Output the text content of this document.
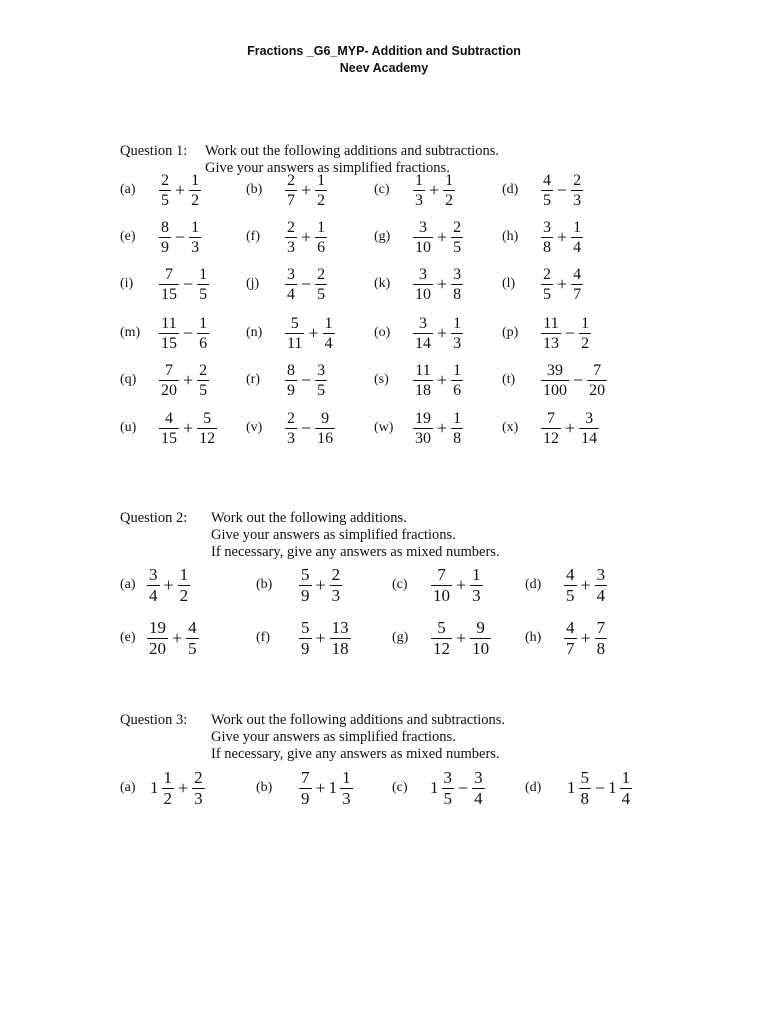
Fractions _G6_MYP- Addition and Subtraction
Neev Academy
Question 1: Work out the following additions and subtractions.
Give your answers as simplified fractions.
Question 2: Work out the following additions.
Give your answers as simplified fractions.
If necessary, give any answers as mixed numbers.
Question 3: Work out the following additions and subtractions.
Give your answers as simplified fractions.
If necessary, give any answers as mixed numbers.
$(a) \frac{2}{5} + \frac{1}{2}$	$(b) \frac{2}{7} + \frac{1}{2}$	$(c) \frac{1}{3} + \frac{1}{2}$	$(d) \frac{4}{5} - \frac{2}{3}$
$(e) \frac{8}{9} - \frac{1}{3}$	$(f) \frac{2}{3} + \frac{1}{6}$	$(g) \frac{3}{10} + \frac{2}{5}$	$(h) \frac{3}{8} + \frac{1}{4}$
$(i) \frac{7}{15} - \frac{1}{5}$	$(j) \frac{3}{4} - \frac{2}{5}$	$(k) \frac{3}{10} + \frac{3}{8}$	$(l) \frac{2}{5} + \frac{4}{7}$
$(m) \frac{11}{15} - \frac{1}{6}$	$(n) \frac{5}{11} + \frac{1}{4}$	$(o) \frac{3}{14} + \frac{1}{3}$	$(p) \frac{11}{13} - \frac{1}{2}$
$(q) \frac{7}{20} + \frac{2}{5}$	$(r) \frac{8}{9} - \frac{3}{5}$	$(s) \frac{11}{18} + \frac{1}{6}$	$(t) \frac{39}{100} - \frac{7}{20}$
$(u) \frac{4}{15} + \frac{5}{12} (v) \frac{2}{3} - \frac{9}{16}$	$(w) \frac{19}{30} + \frac{1}{8}$	$(x) \frac{7}{12} + \frac{3}{14}$
$(a) \frac{3}{4} + \frac{1}{2}$	$(b) \frac{5}{9} + \frac{2}{3}$	$(c) \frac{7}{10} + \frac{1}{3}$	$(d) \frac{4}{5} + \frac{3}{4}$
$(e) \frac{19}{20} + \frac{4}{5}$	$(f) \frac{5}{9} + \frac{13}{18}$	$(g) \frac{5}{12} + \frac{9}{10} (h) \frac{4}{7} + \frac{7}{8}$
(a) $1 \frac{1}{2} + \frac{2}{3}$	$(b) \frac{7}{9} + 1 \frac{1}{3}$	(c) $1 \frac{3}{5} - \frac{3}{4}$	(d) $1 \frac{5}{8} - 1 \frac{1}{4}$
